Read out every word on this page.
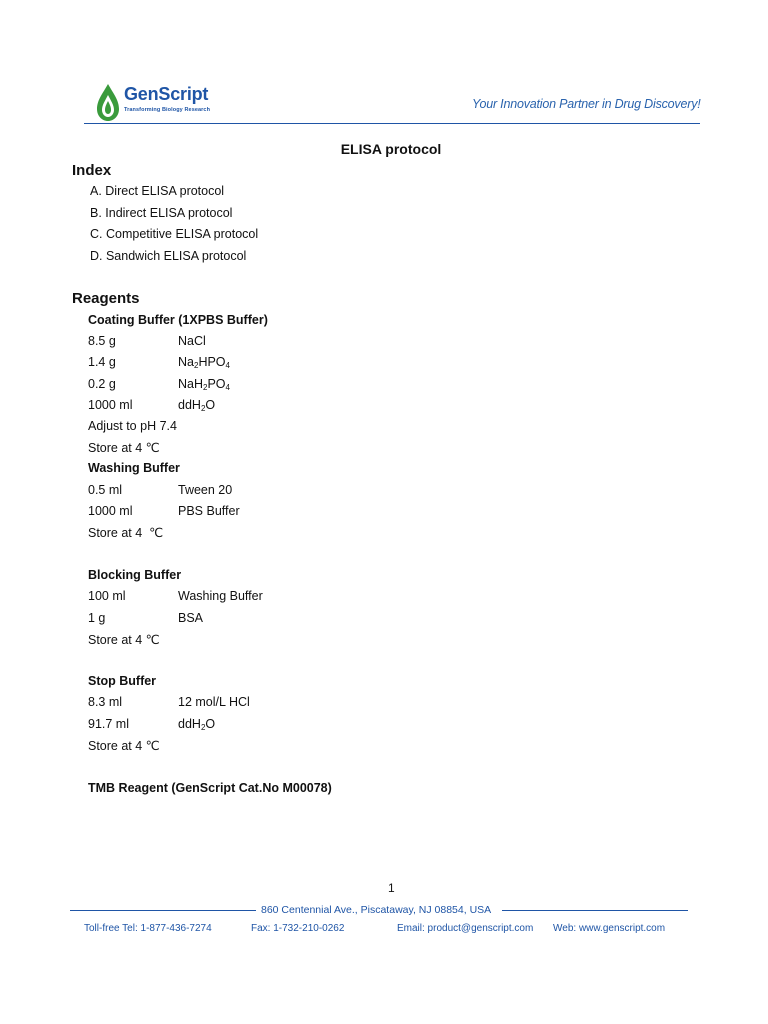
GenScript
Transforming Biology Research	Your Innovation Partner in Drug Discovery!
ELISA protocol
Index
A. Direct ELISA protocol
B. Indirect ELISA protocol
C. Competitive ELISA protocol
D. Sandwich ELISA protocol
Reagents
Coating Buffer (1XPBS Buffer)
8.5 g	NaCl
1.4 g	Na2HPO4
0.2 g	NaH2PO4
1000 ml	ddH2O
Adjust to pH 7.4
Store at 4 ℃
Washing Buffer
0.5 ml	Tween 20
1000 ml	PBS Buffer
Store at 4  ℃
Blocking Buffer
100 ml	Washing Buffer
1 g	BSA
Store at 4 ℃
Stop Buffer
8.3 ml	12 mol/L HCl
91.7 ml	ddH2O
Store at 4 ℃
TMB Reagent (GenScript Cat.No M00078)
1
860 Centennial Ave., Piscataway, NJ 08854, USA
Toll-free Tel: 1-877-436-7274	Fax: 1-732-210-0262	Email: product@genscript.com Web: www.genscript.com
